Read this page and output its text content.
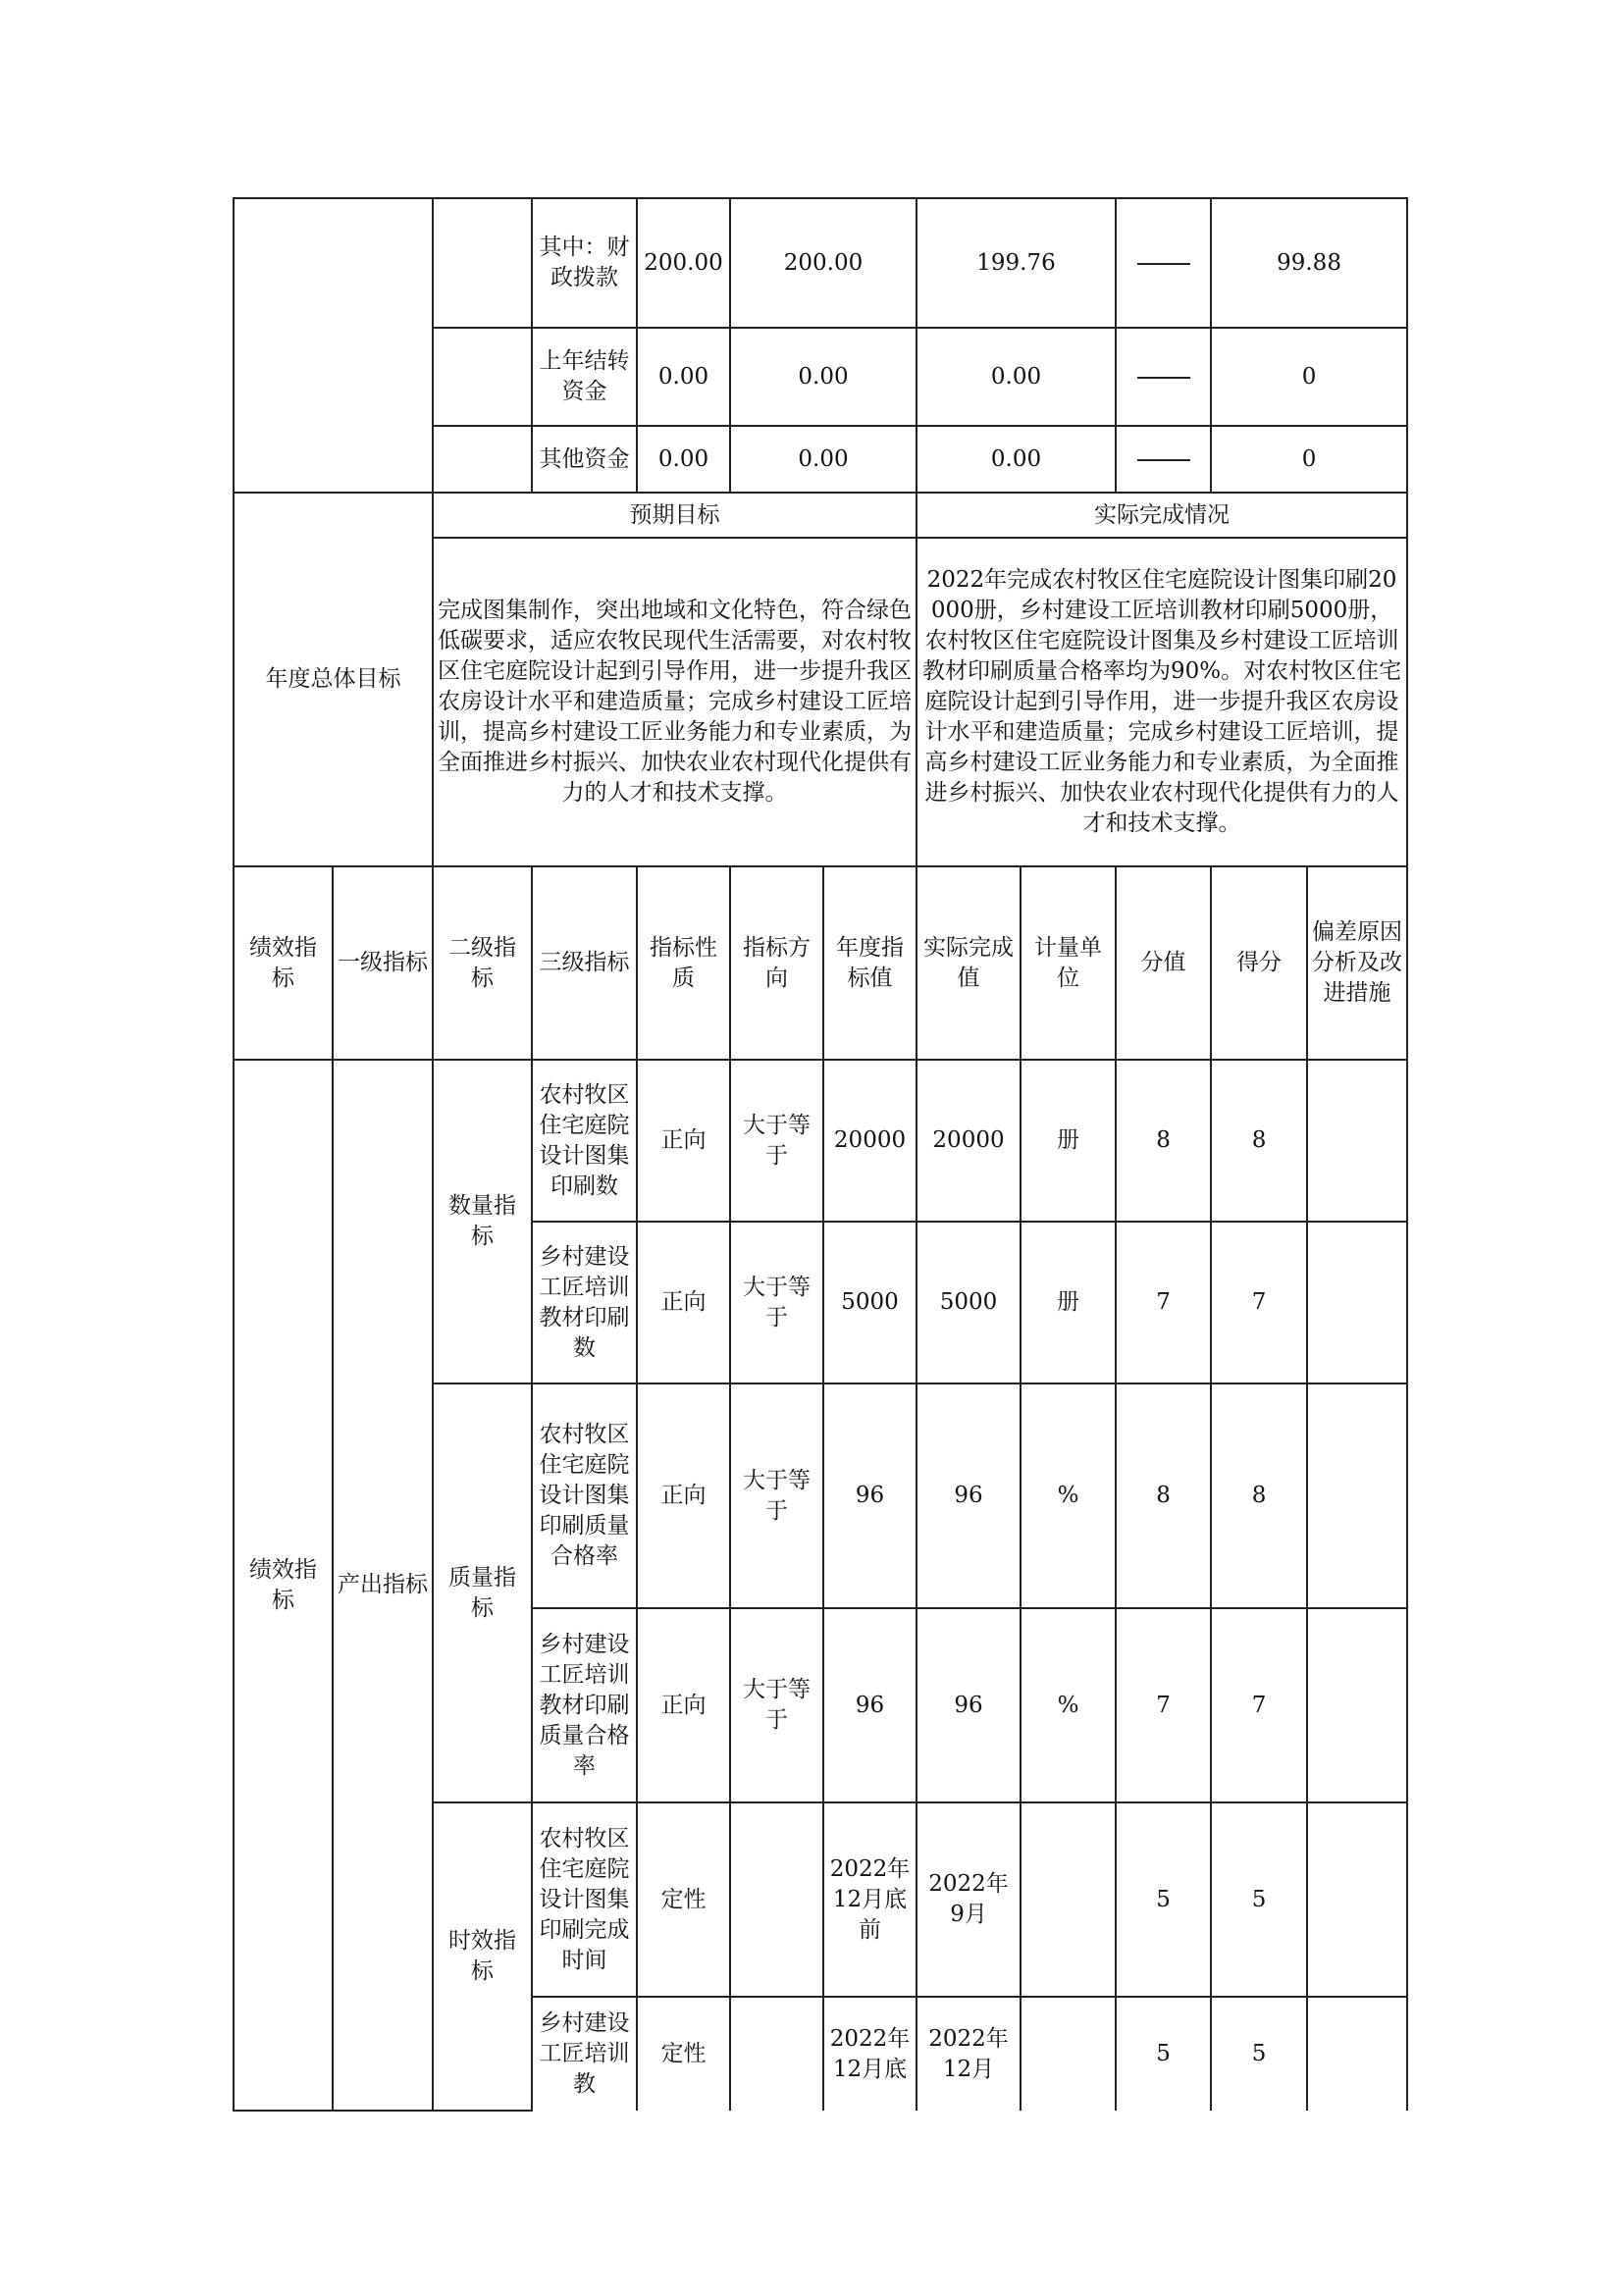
			其中：财政拨款	200.00	200.00		199.76			99.88	
			上年结转资金	0.00	0.00		0.00			0	
			其他资金	0.00	0.00		0.00			0	
年度总体目标		预期目标					实际完成情况					
		完成图集制作，突出地域和文化特色，符合绿色低碳要求，适应农牧民现代生活需要，对农村牧区住宅庭院设计起到引导作用，进一步提升我区农房设计水平和建造质量；完成乡村建设工匠培训，提高乡村建设工匠业务能力和专业素质，为全面推进乡村振兴、加快农业农村现代化提供有力的人才和技术支撑。					2022年完成农村牧区住宅庭院设计图集印刷20000册，乡村建设工匠培训教材印刷5000册，农村牧区住宅庭院设计图集及乡村建设工匠培训教材印刷质量合格率均为90%。对农村牧区住宅庭院设计起到引导作用，进一步提升我区农房设计水平和建造质量；完成乡村建设工匠培训，提高乡村建设工匠业务能力和专业素质，为全面推进乡村振兴、加快农业农村现代化提供有力的人才和技术支撑。					
绩效指标	一级指标	二级指标	三级指标	指标性质	指标方向	年度指标值	实际完成值	计量单位	分值	得分	偏差原因分析及改进措施	
绩效指标	产出指标	数量指标	农村牧区住宅庭院设计图集印刷数	正向	大于等于	20000	20000	册	8	8		
			乡村建设工匠培训教材印刷数	正向	大于等于	5000	5000	册	7	7		
		质量指标	农村牧区住宅庭院设计图集印刷质量合格率	正向	大于等于	96	96	%	8	8		
			乡村建设工匠培训教材印刷质量合格率	正向	大于等于	96	96	%	7	7		
		时效指标	农村牧区住宅庭院设计图集印刷完成时间	定性		2022年12月底前	2022年9月		5	5		
			乡村建设工匠培训教	定性		2022年12月底	2022年12月		5	5		
